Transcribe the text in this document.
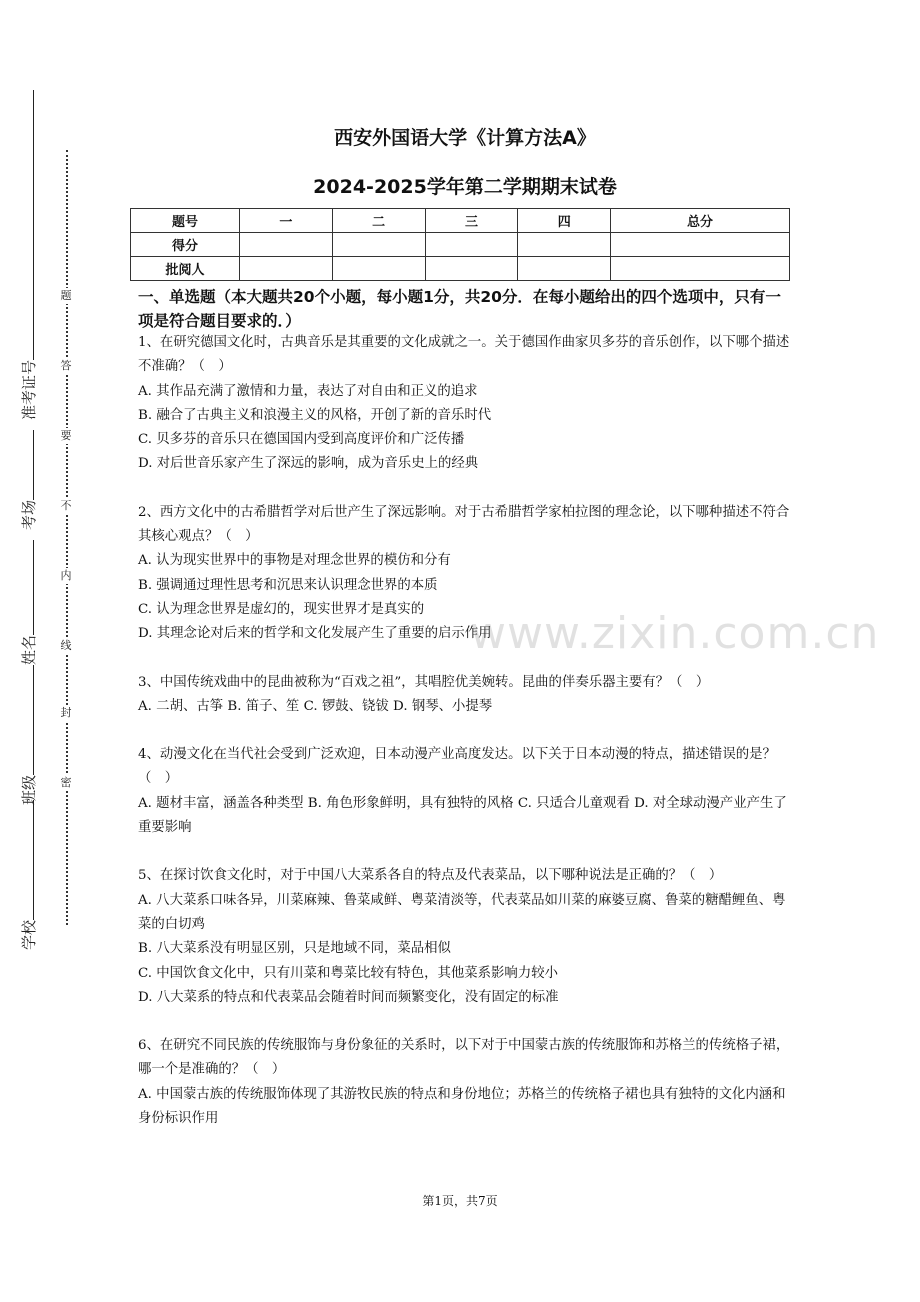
题
答
要
不
内
线
封
密
准考证号
考场
姓名
班级
学校
西安外国语大学《计算方法A》
2024-2025学年第二学期期末试卷
题号	一	二	三	四	总分
得分					
批阅人					
一、单选题（本大题共20个小题，每小题1分，共20分．在每小题给出的四个选项中，只有一项是符合题目要求的．）

1、在研究德国文化时，古典音乐是其重要的文化成就之一。关于德国作曲家贝多芬的音乐创作，以下哪个描述不准确？（　）

A. 其作品充满了激情和力量，表达了对自由和正义的追求

B. 融合了古典主义和浪漫主义的风格，开创了新的音乐时代

C. 贝多芬的音乐只在德国国内受到高度评价和广泛传播

D. 对后世音乐家产生了深远的影响，成为音乐史上的经典

2、西方文化中的古希腊哲学对后世产生了深远影响。对于古希腊哲学家柏拉图的理念论，以下哪种描述不符合其核心观点？（　）

A. 认为现实世界中的事物是对理念世界的模仿和分有

B. 强调通过理性思考和沉思来认识理念世界的本质

C. 认为理念世界是虚幻的，现实世界才是真实的

D. 其理念论对后来的哲学和文化发展产生了重要的启示作用

3、中国传统戏曲中的昆曲被称为“百戏之祖”，其唱腔优美婉转。昆曲的伴奏乐器主要有？（　）

A. 二胡、古筝 B. 笛子、笙 C. 锣鼓、铙钹 D. 钢琴、小提琴

4、动漫文化在当代社会受到广泛欢迎，日本动漫产业高度发达。以下关于日本动漫的特点，描述错误的是？（　）

A. 题材丰富，涵盖各种类型 B. 角色形象鲜明，具有独特的风格 C. 只适合儿童观看 D. 对全球动漫产业产生了重要影响

5、在探讨饮食文化时，对于中国八大菜系各自的特点及代表菜品，以下哪种说法是正确的？（　）

A. 八大菜系口味各异，川菜麻辣、鲁菜咸鲜、粤菜清淡等，代表菜品如川菜的麻婆豆腐、鲁菜的糖醋鲤鱼、粤菜的白切鸡

B. 八大菜系没有明显区别，只是地域不同，菜品相似

C. 中国饮食文化中，只有川菜和粤菜比较有特色，其他菜系影响力较小

D. 八大菜系的特点和代表菜品会随着时间而频繁变化，没有固定的标准

6、在研究不同民族的传统服饰与身份象征的关系时，以下对于中国蒙古族的传统服饰和苏格兰的传统格子裙，哪一个是准确的？（　）

A. 中国蒙古族的传统服饰体现了其游牧民族的特点和身份地位；苏格兰的传统格子裙也具有独特的文化内涵和身份标识作用

www.zixin.com.cn
第1页，共7页
